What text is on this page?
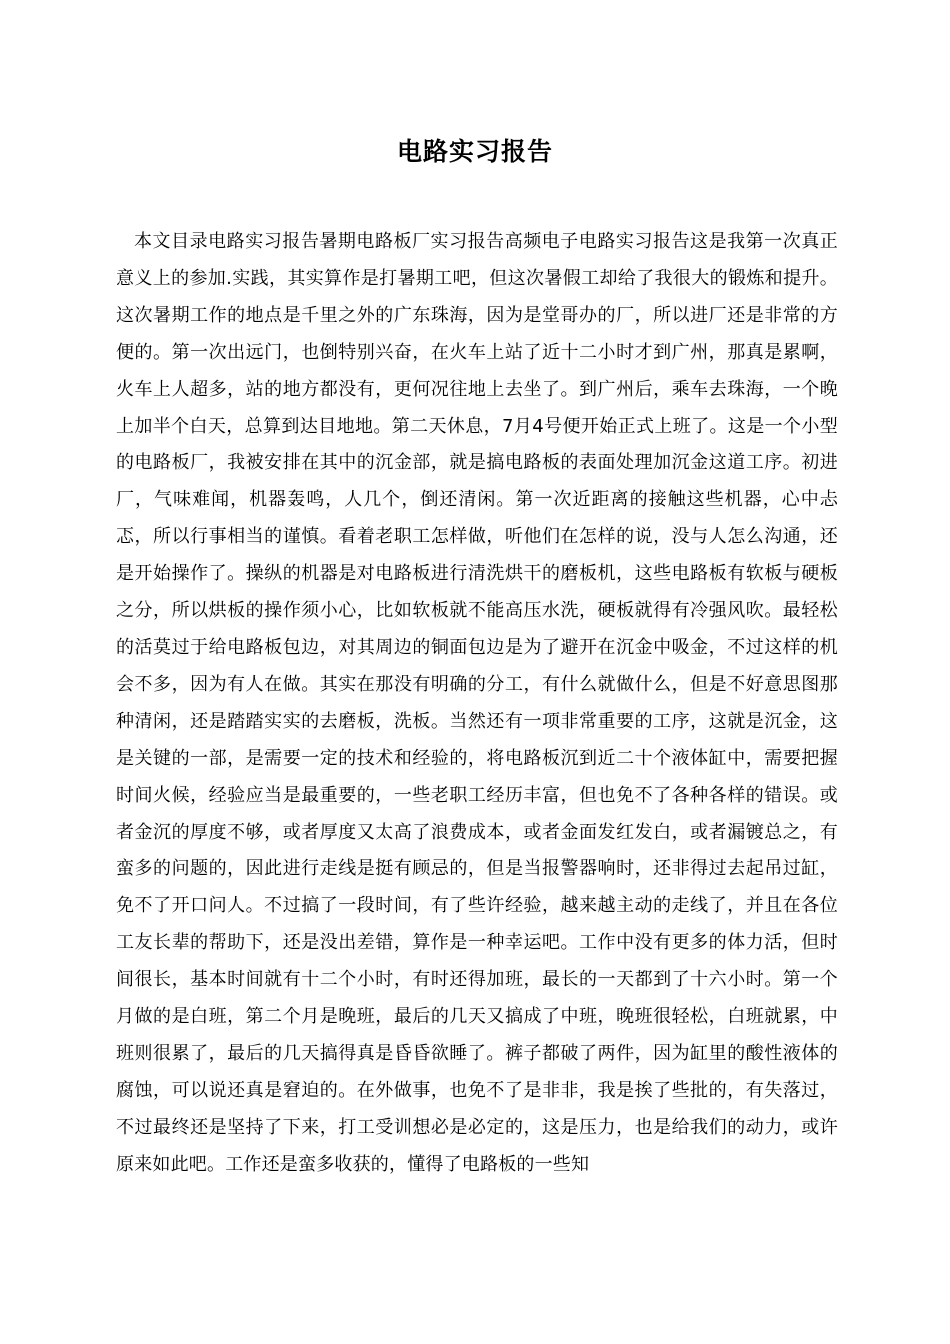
电路实习报告

本文目录电路实习报告暑期电路板厂实习报告高频电子电路实习报告这是我第一次真正意义上的参加.实践，其实算作是打暑期工吧，但这次暑假工却给了我很大的锻炼和提升。这次暑期工作的地点是千里之外的广东珠海，因为是堂哥办的厂，所以进厂还是非常的方便的。第一次出远门，也倒特别兴奋，在火车上站了近十二小时才到广州，那真是累啊，火车上人超多，站的地方都没有，更何况往地上去坐了。到广州后，乘车去珠海，一个晚上加半个白天，总算到达目地地。第二天休息，7月4号便开始正式上班了。这是一个小型的电路板厂，我被安排在其中的沉金部，就是搞电路板的表面处理加沉金这道工序。初进厂，气味难闻，机器轰鸣，人几个，倒还清闲。第一次近距离的接触这些机器，心中忐忑，所以行事相当的谨慎。看着老职工怎样做，听他们在怎样的说，没与人怎么沟通，还是开始操作了。操纵的机器是对电路板进行清洗烘干的磨板机，这些电路板有软板与硬板之分，所以烘板的操作须小心，比如软板就不能高压水洗，硬板就得有冷强风吹。最轻松的活莫过于给电路板包边，对其周边的铜面包边是为了避开在沉金中吸金，不过这样的机会不多，因为有人在做。其实在那没有明确的分工，有什么就做什么，但是不好意思图那种清闲，还是踏踏实实的去磨板，洗板。当然还有一项非常重要的工序，这就是沉金，这是关键的一部，是需要一定的技术和经验的，将电路板沉到近二十个液体缸中，需要把握时间火候，经验应当是最重要的，一些老职工经历丰富，但也免不了各种各样的错误。或者金沉的厚度不够，或者厚度又太高了浪费成本，或者金面发红发白，或者漏镀总之，有蛮多的问题的，因此进行走线是挺有顾忌的，但是当报警器响时，还非得过去起吊过缸，免不了开口问人。不过搞了一段时间，有了些许经验，越来越主动的走线了，并且在各位工友长辈的帮助下，还是没出差错，算作是一种幸运吧。工作中没有更多的体力活，但时间很长，基本时间就有十二个小时，有时还得加班，最长的一天都到了十六小时。第一个月做的是白班，第二个月是晚班，最后的几天又搞成了中班，晚班很轻松，白班就累，中班则很累了，最后的几天搞得真是昏昏欲睡了。裤子都破了两件，因为缸里的酸性液体的腐蚀，可以说还真是窘迫的。在外做事，也免不了是非非，我是挨了些批的，有失落过，不过最终还是坚持了下来，打工受训想必是必定的，这是压力，也是给我们的动力，或许原来如此吧。工作还是蛮多收获的，懂得了电路板的一些知
